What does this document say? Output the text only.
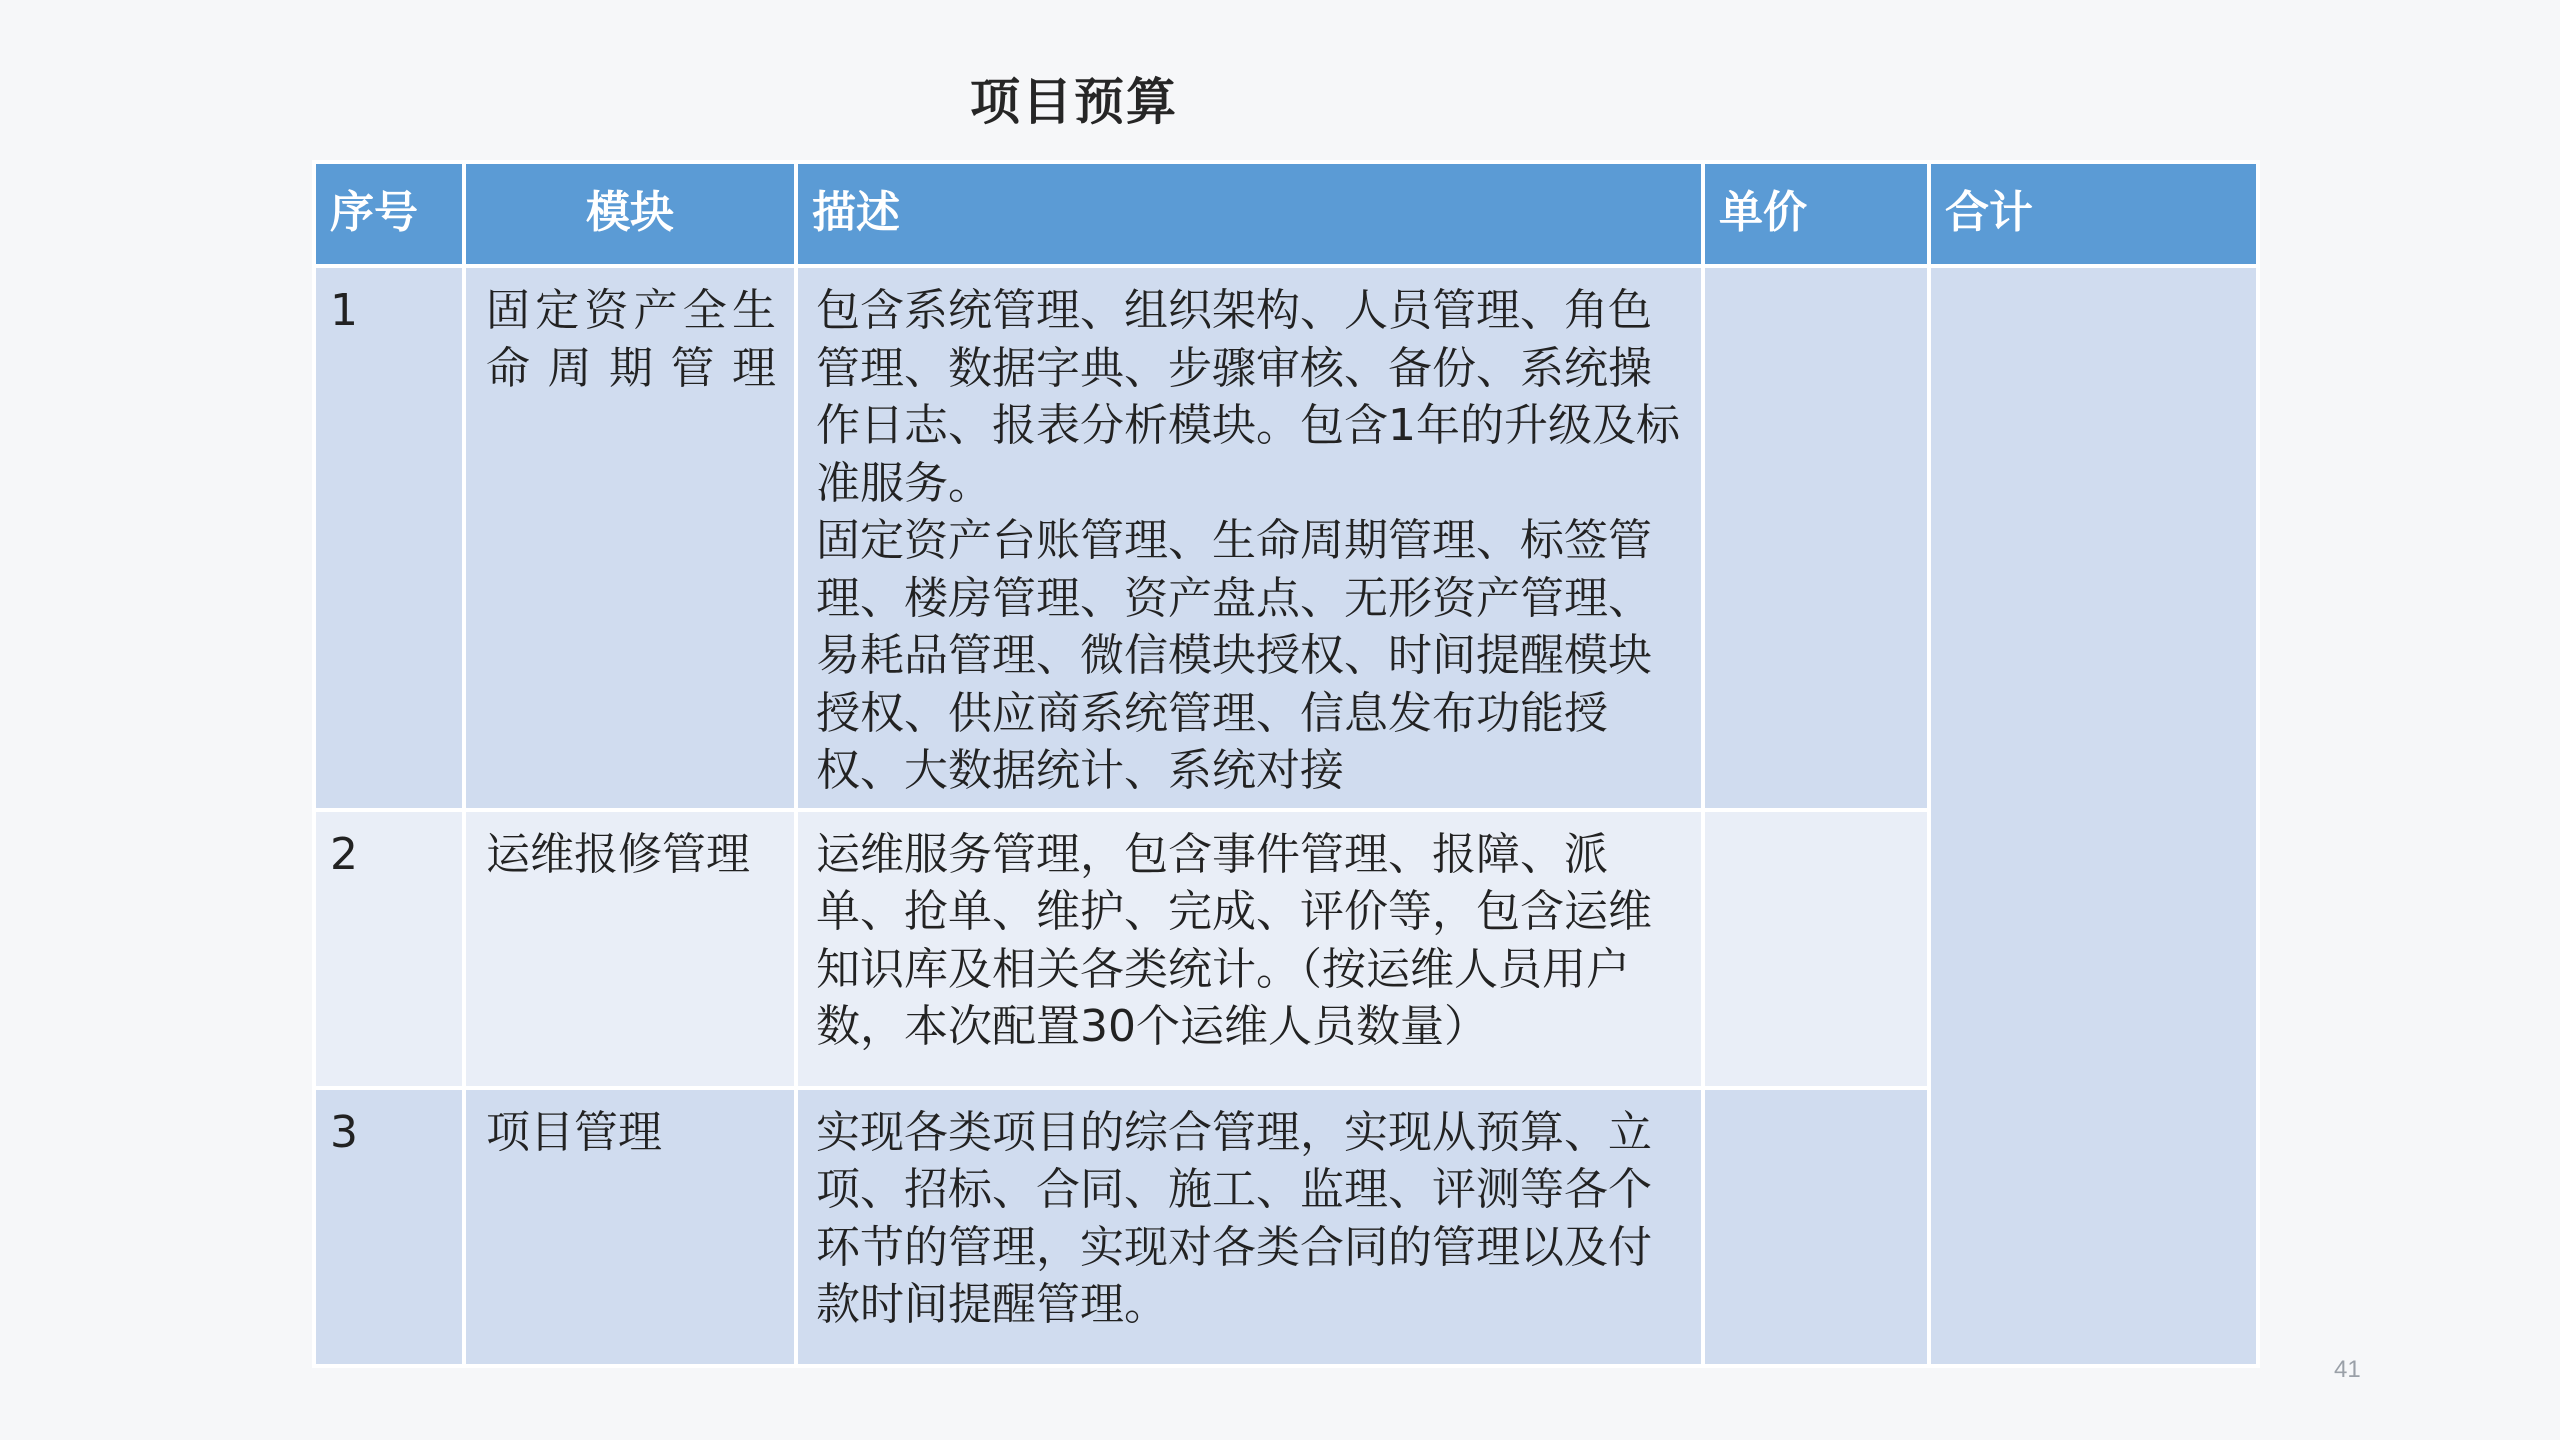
项目预算
序号	模块	描述	单价	合计
1	固定资产全生命周期管理	包含系统管理、组织架构、人员管理、角色管理、数据字典、步骤审核、备份、系统操作日志、报表分析模块。包含1年的升级及标准服务。
固定资产台账管理、生命周期管理、标签管理、楼房管理、资产盘点、无形资产管理、易耗品管理、微信模块授权、时间提醒模块授权、供应商系统管理、信息发布功能授权、大数据统计、系统对接		

2	运维报修管理	运维服务管理，包含事件管理、报障、派单、抢单、维护、完成、评价等，包含运维知识库及相关各类统计。（按运维人员用户数，本次配置30个运维人员数量）		

3	项目管理	实现各类项目的综合管理，实现从预算、立项、招标、合同、施工、监理、评测等各个环节的管理，实现对各类合同的管理以及付款时间提醒管理。		

41
